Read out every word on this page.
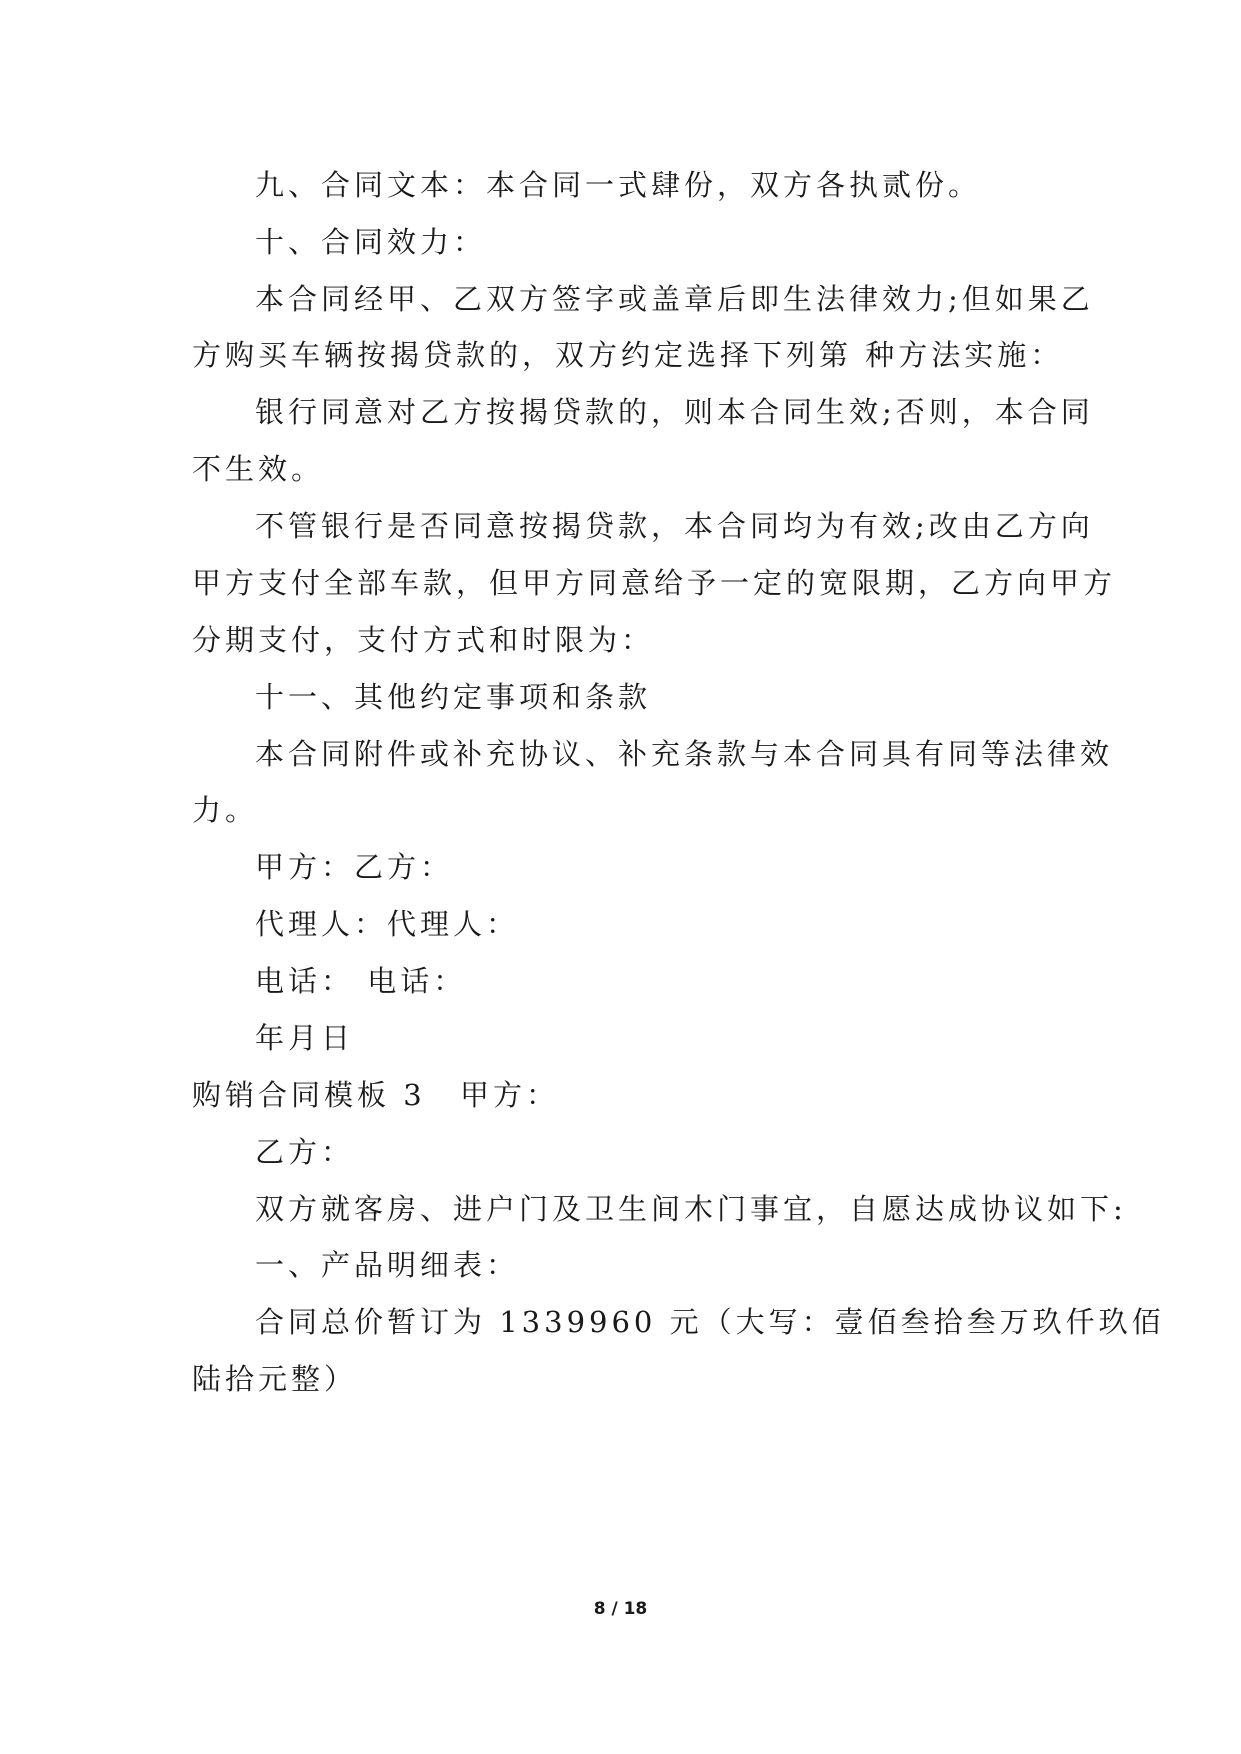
九、合同文本：本合同一式肆份，双方各执贰份。
十、合同效力：
本合同经甲、乙双方签字或盖章后即生法律效力;但如果乙
方购买车辆按揭贷款的，双方约定选择下列第 种方法实施：
银行同意对乙方按揭贷款的，则本合同生效;否则，本合同
不生效。
不管银行是否同意按揭贷款，本合同均为有效;改由乙方向
甲方支付全部车款，但甲方同意给予一定的宽限期，乙方向甲方
分期支付，支付方式和时限为：
十一、其他约定事项和条款
本合同附件或补充协议、补充条款与本合同具有同等法律效
力。
甲方：乙方：
代理人：代理人：
电话： 电话：
年月日
购销合同模板 3 甲方：
乙方：
双方就客房、进户门及卫生间木门事宜，自愿达成协议如下:
一、产品明细表：
合同总价暂订为 1339960 元（大写：壹佰叁拾叁万玖仟玖佰
陆拾元整）
8 / 18
